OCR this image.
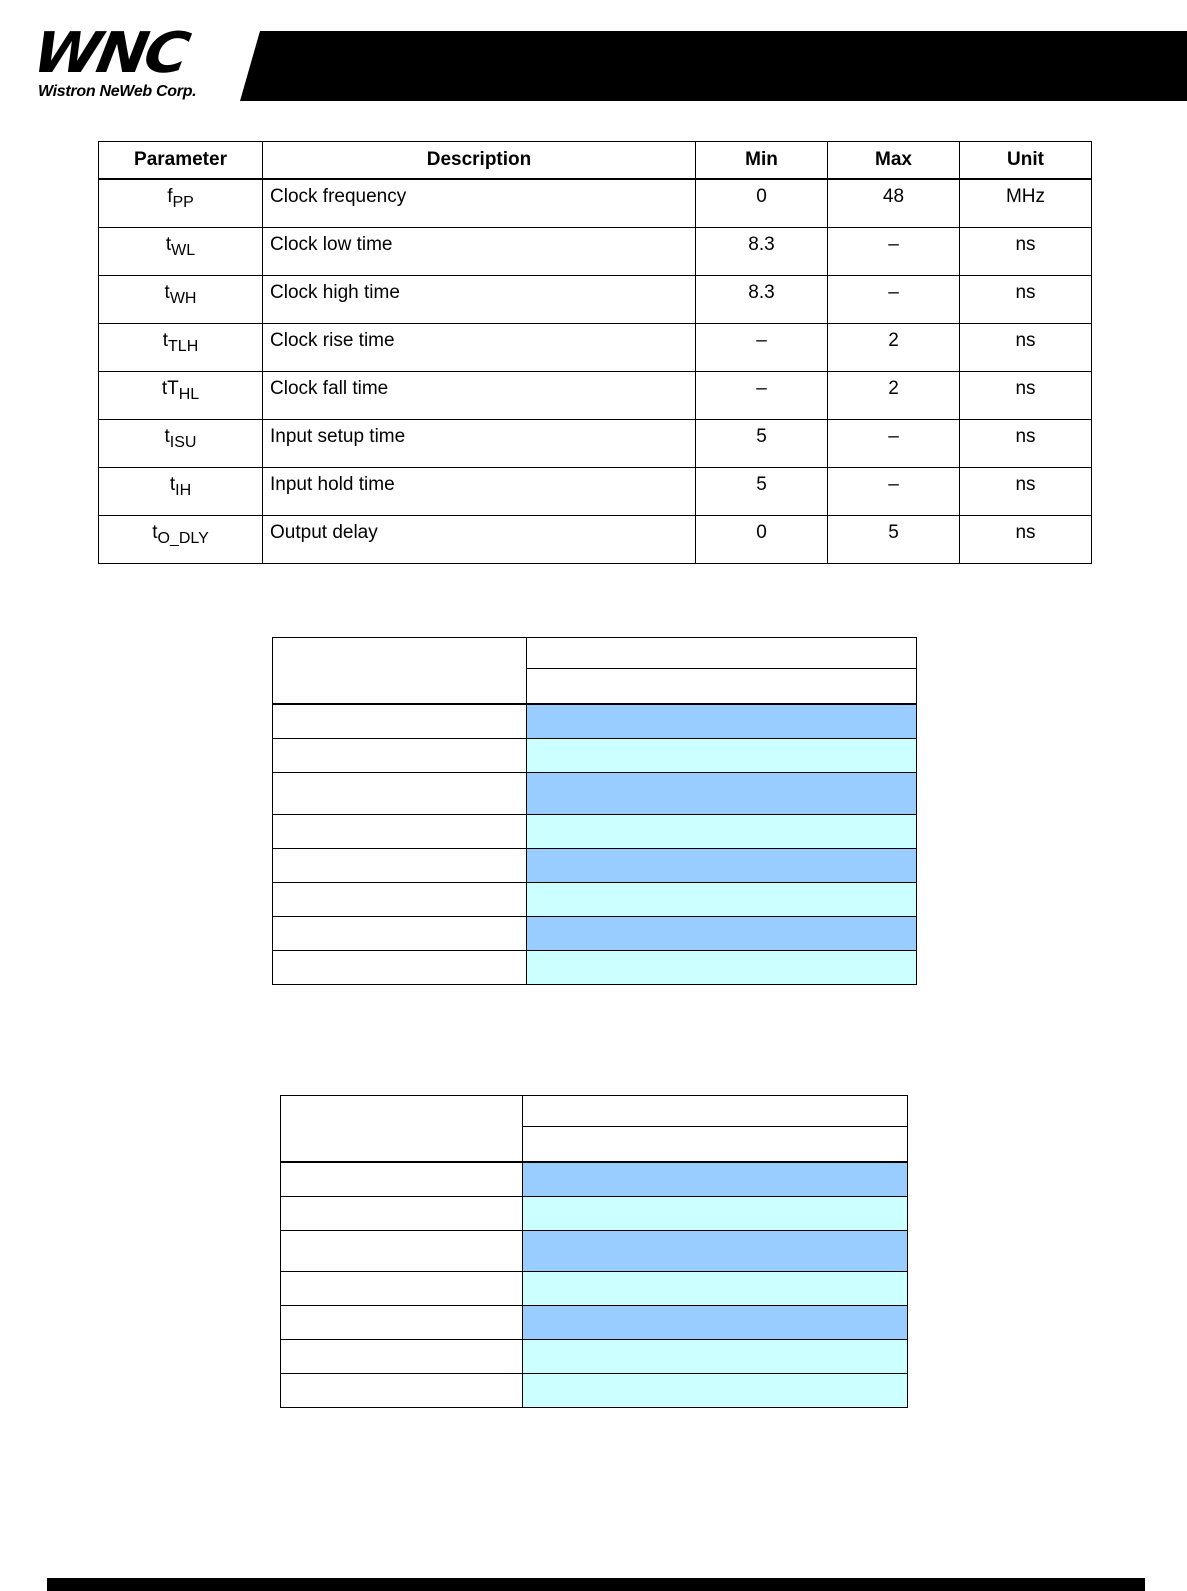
WNC
Wistron NeWeb Corp.
Parameter	Description	Min	Max	Unit
$f_{PP}$	Clock frequency	0	48	MHz
$t_{WL}$	Clock low time	8.3	–	ns
$t_{WH}$	Clock high time	8.3	–	ns
$t_{TLH}$	Clock rise time	–	2	ns
$tT_{HL}$	Clock fall time	–	2	ns
$t_{ISU}$	Input setup time	5	–	ns
$t_{IH}$	Input hold time	5	–	ns
$t_{O\_DLY}$	Output delay	0	5	ns
